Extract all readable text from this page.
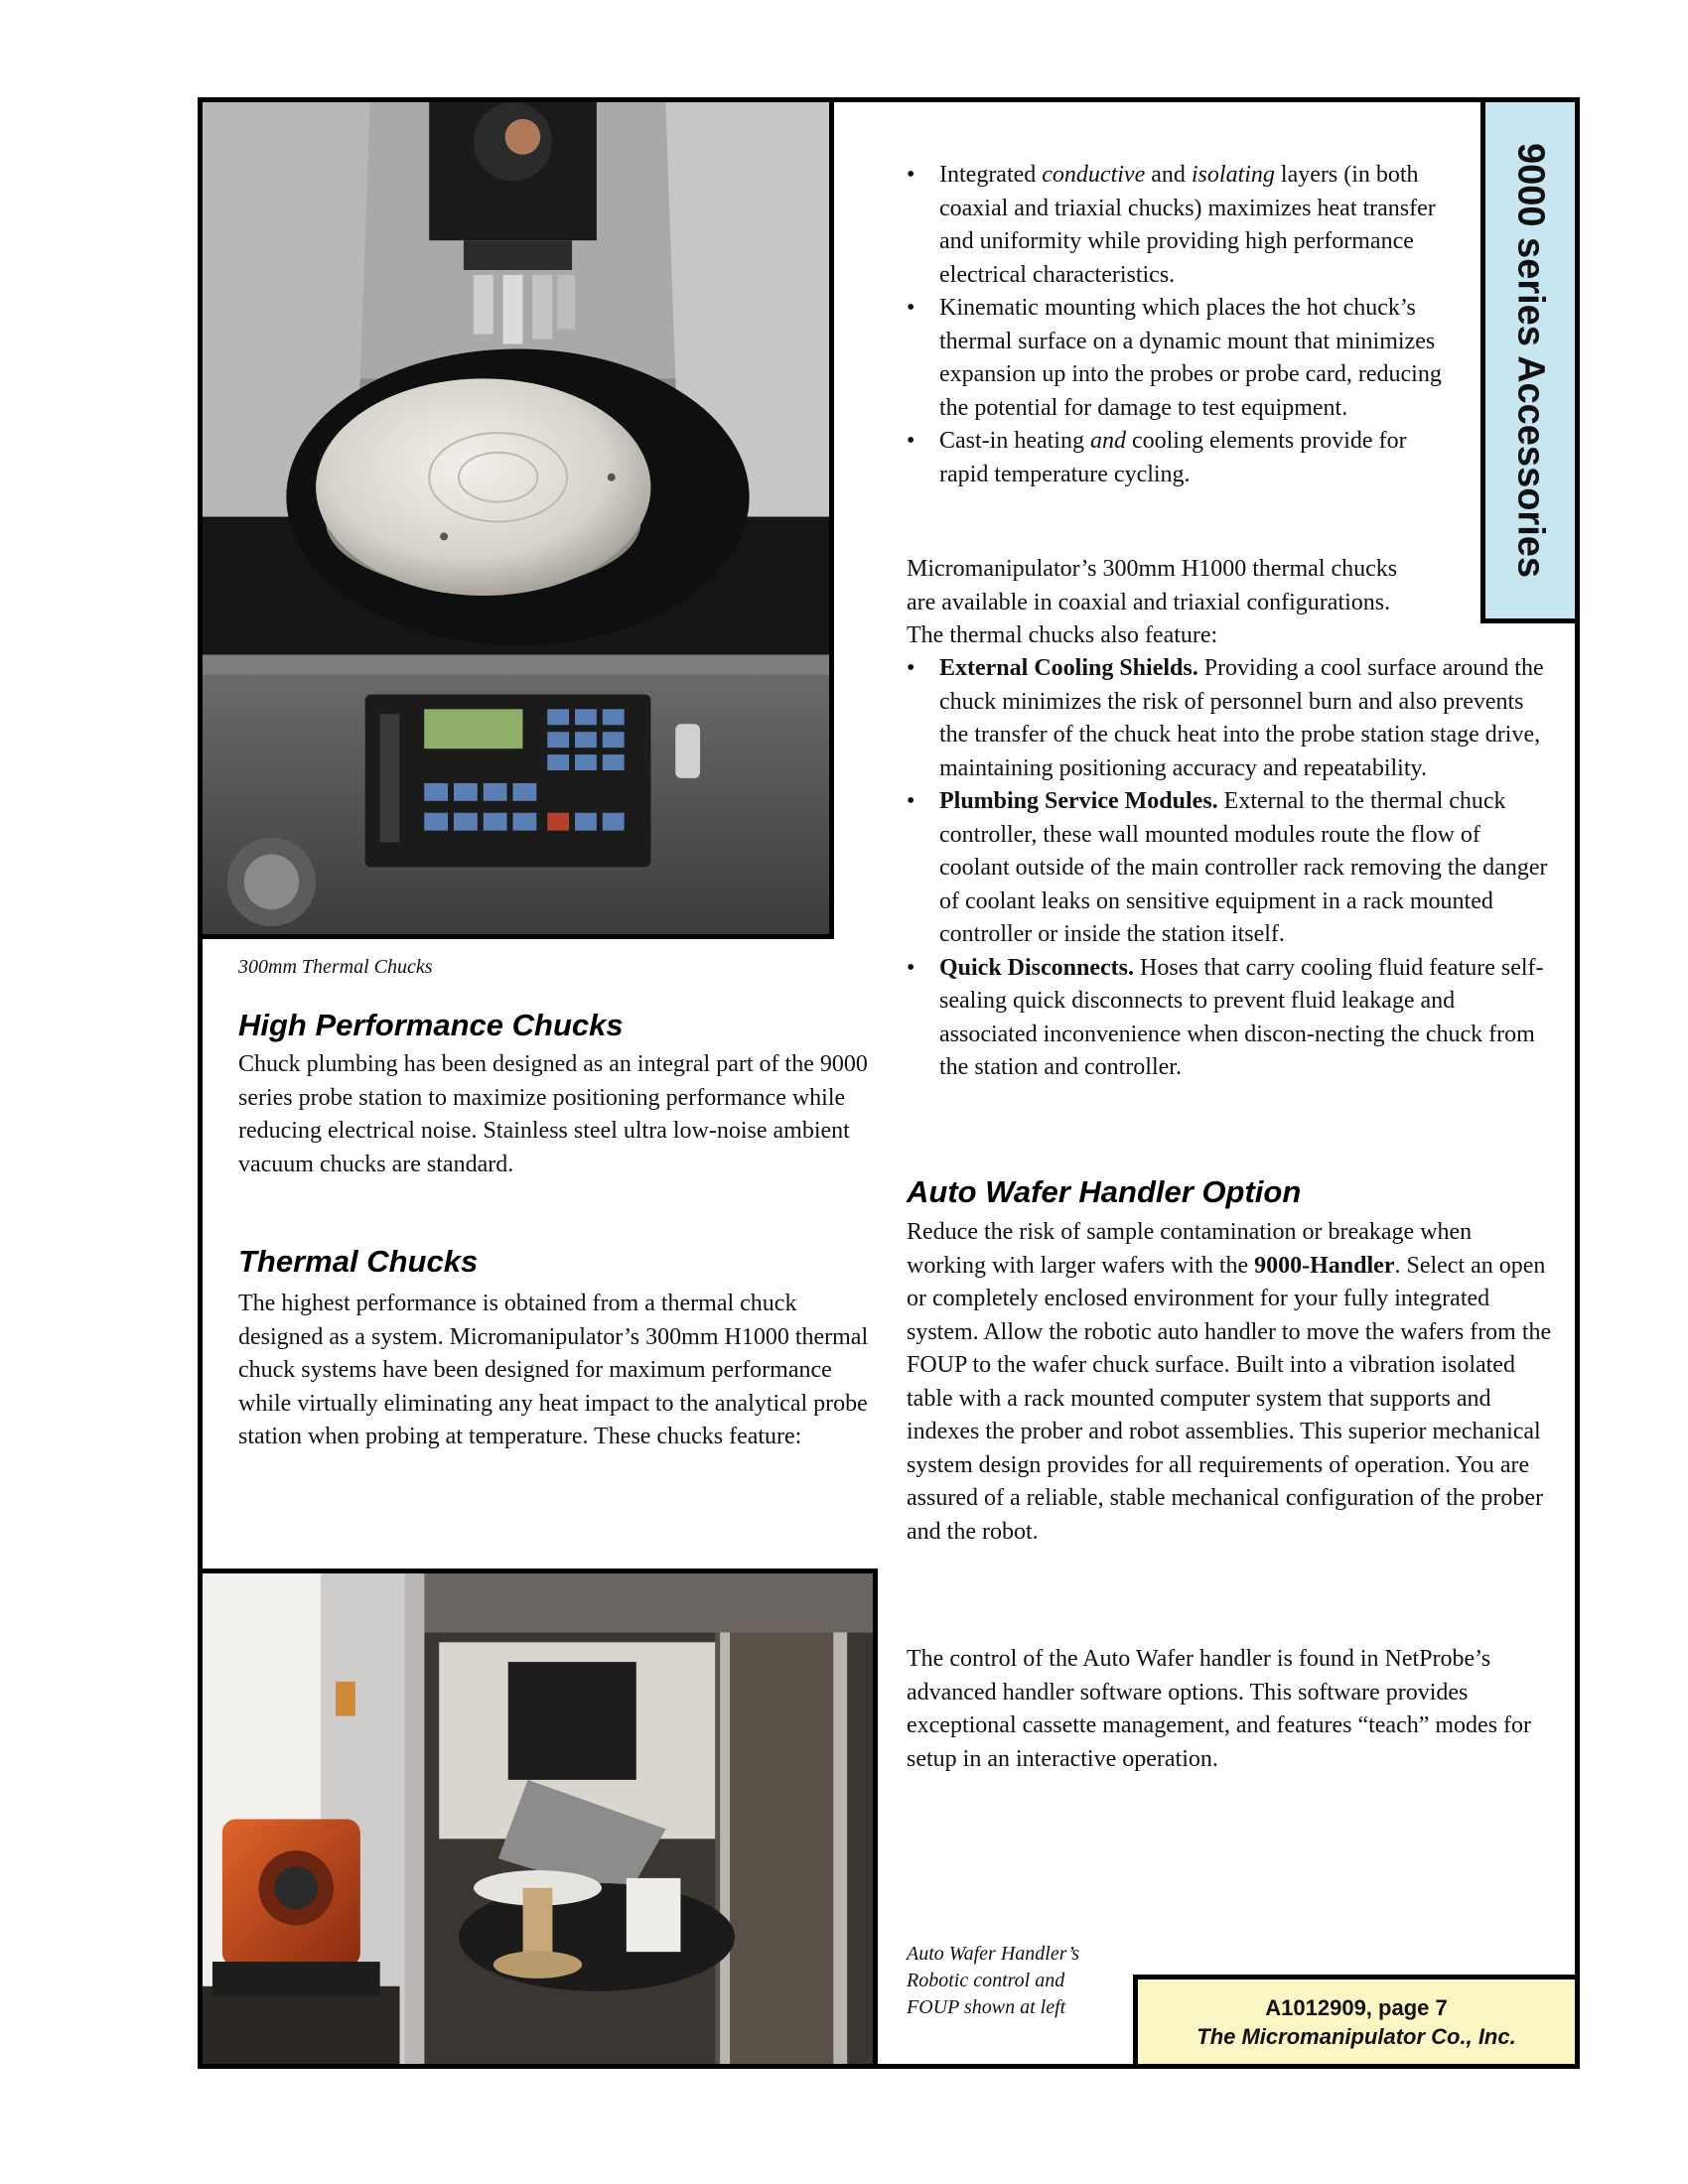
9000 series Accessories
300mm Thermal Chucks
High Performance Chucks

Chuck plumbing has been designed as an integral part of the 9000 series probe station to maximize positioning performance while reducing electrical noise. Stainless steel ultra low-noise ambient vacuum chucks are standard.

Thermal Chucks

The highest performance is obtained from a thermal chuck designed as a system. Micromanipulator’s 300mm H1000 thermal chuck systems have been designed for maximum performance while virtually eliminating any heat impact to the analytical probe station when probing at temperature. These chucks feature:

Auto Wafer Handler’s
Robotic control and
FOUP shown at left
• Integrated conductive and isolating layers (in both coaxial and triaxial chucks) maximizes heat transfer and uniformity while providing high performance electrical characteristics.
• Kinematic mounting which places the hot chuck’s thermal surface on a dynamic mount that minimizes expansion up into the probes or probe card, reducing the potential for damage to test equipment.
• Cast-in heating and cooling elements provide for rapid temperature cycling.

Micromanipulator’s 300mm H1000 thermal chucks are available in coaxial and triaxial configurations. The thermal chucks also feature:

• External Cooling Shields. Providing a cool surface around the chuck minimizes the risk of personnel burn and also prevents the transfer of the chuck heat into the probe station stage drive, maintaining positioning accuracy and repeatability.
• Plumbing Service Modules. External to the thermal chuck controller, these wall mounted modules route the flow of coolant outside of the main controller rack removing the danger of coolant leaks on sensitive equipment in a rack mounted controller or inside the station itself.
• Quick Disconnects. Hoses that carry cooling fluid feature self-sealing quick disconnects to prevent fluid leakage and associated inconvenience when discon-necting the chuck from the station and controller.
Auto Wafer Handler Option

Reduce the risk of sample contamination or breakage when working with larger wafers with the 9000-Handler. Select an open or completely enclosed environment for your fully integrated system. Allow the robotic auto handler to move the wafers from the FOUP to the wafer chuck surface. Built into a vibration isolated table with a rack mounted computer system that supports and indexes the prober and robot assemblies. This superior mechanical system design provides for all requirements of operation. You are assured of a reliable, stable mechanical configuration of the prober and the robot.

The control of the Auto Wafer handler is found in NetProbe’s advanced handler software options. This software provides exceptional cassette management, and features “teach” modes for setup in an interactive operation.

A1012909, page 7
The Micromanipulator Co., Inc.
